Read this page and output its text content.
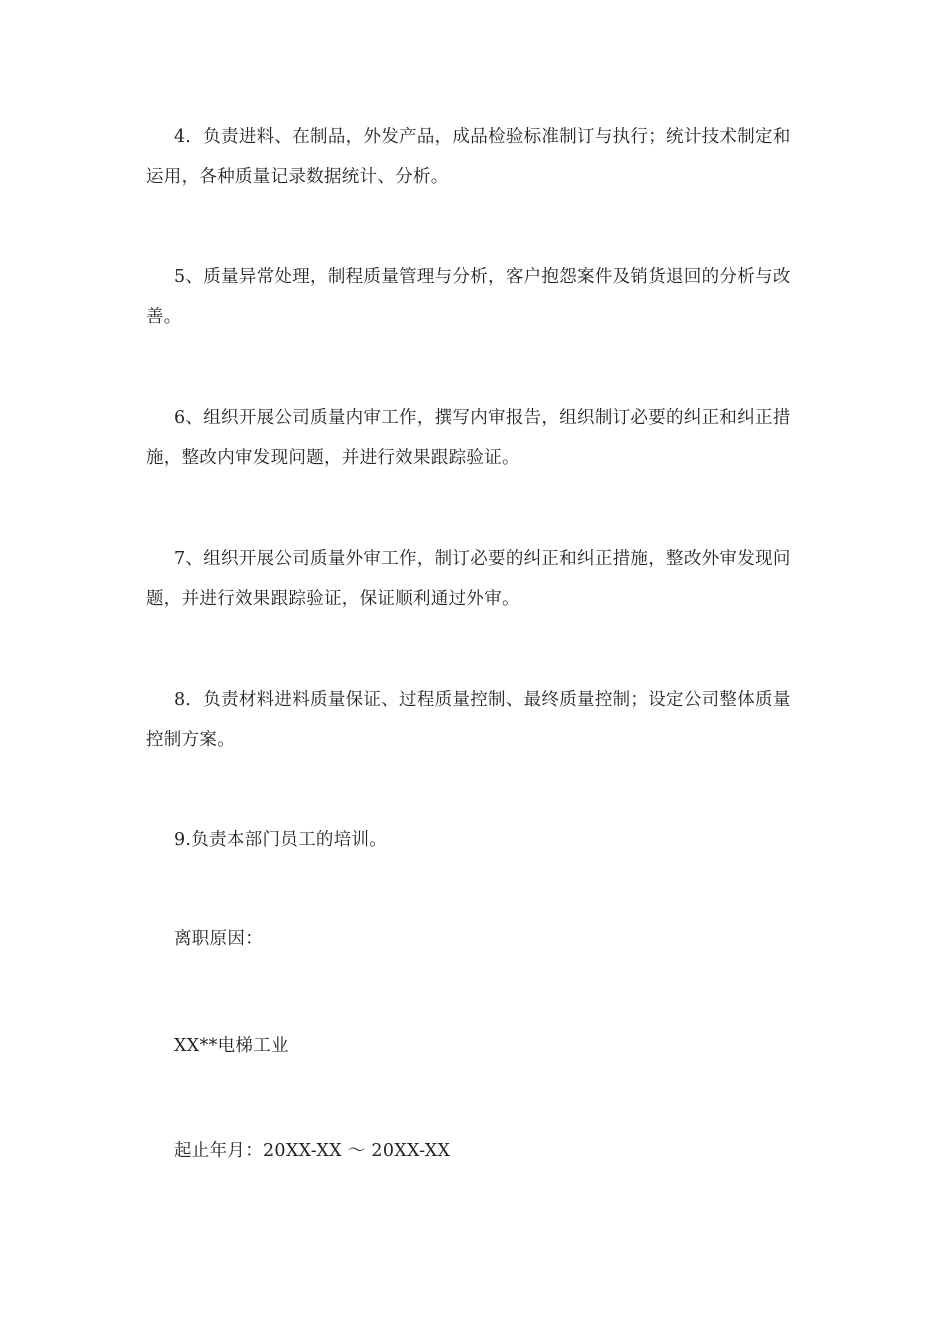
4．负责进料、在制品，外发产品，成品检验标准制订与执行；统计技术制定和运用，各种质量记录数据统计、分析。

5、质量异常处理，制程质量管理与分析，客户抱怨案件及销货退回的分析与改善。

6、组织开展公司质量内审工作，撰写内审报告，组织制订必要的纠正和纠正措施，整改内审发现问题，并进行效果跟踪验证。

7、组织开展公司质量外审工作，制订必要的纠正和纠正措施，整改外审发现问题，并进行效果跟踪验证，保证顺利通过外审。

8．负责材料进料质量保证、过程质量控制、最终质量控制；设定公司整体质量控制方案。

9.负责本部门员工的培训。

离职原因：

XX**电梯工业

起止年月：20XX-XX ～ 20XX-XX
